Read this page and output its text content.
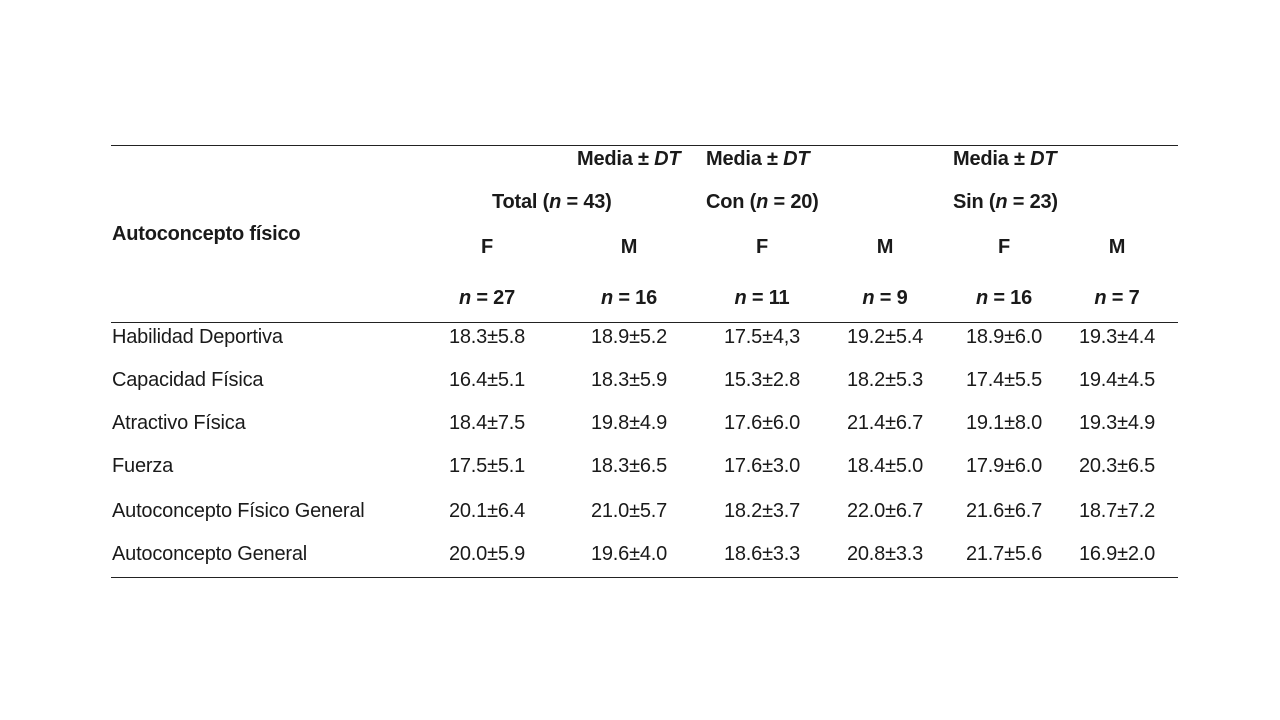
Autoconcepto físico
Media ± DT Media ± DT	Media ± DT
Total (n = 43)	Con (n = 20)	Sin (n = 23)
F	M	F	M	F	M
n = 27	n = 16	n = 11	n = 9	n = 16	n = 7
Habilidad Deportiva	18.3±5.8	18.9±5.2	17.5±4,3 19.2±5.4 18.9±6.0 19.3±4.4
Capacidad Física	16.4±5.1	18.3±5.9	15.3±2.8 18.2±5.3 17.4±5.5 19.4±4.5
Atractivo Física	18.4±7.5	19.8±4.9	17.6±6.0 21.4±6.7 19.1±8.0 19.3±4.9
Fuerza	17.5±5.1	18.3±6.5	17.6±3.0 18.4±5.0 17.9±6.0 20.3±6.5
Autoconcepto Físico General	20.1±6.4	21.0±5.7	18.2±3.7 22.0±6.7 21.6±6.7 18.7±7.2
Autoconcepto General	20.0±5.9	19.6±4.0	18.6±3.3 20.8±3.3 21.7±5.6 16.9±2.0
